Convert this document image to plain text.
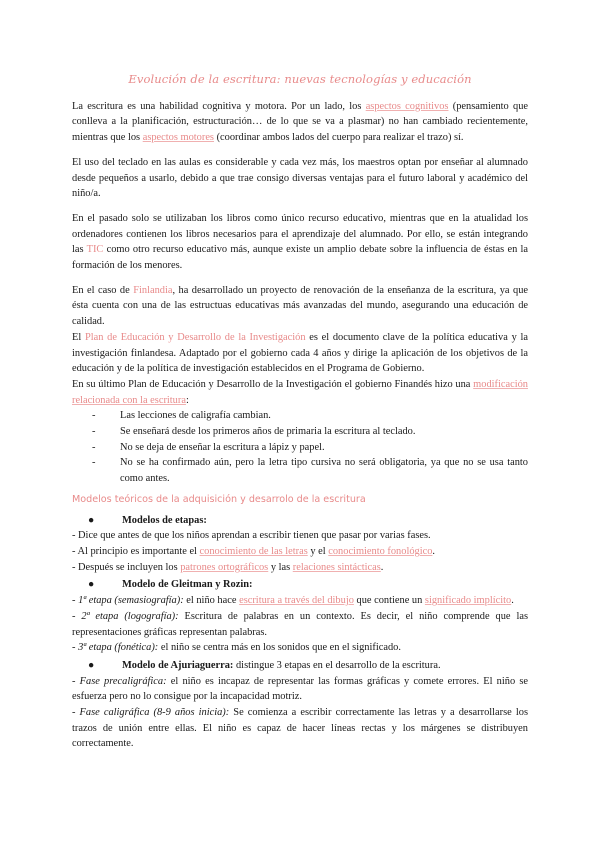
Evolución de la escritura: nuevas tecnologías y educación

La escritura es una habilidad cognitiva y motora. Por un lado, los aspectos cognitivos (pensamiento que conlleva a la planificación, estructuración… de lo que se va a plasmar) no han cambiado recientemente, mientras que los aspectos motores (coordinar ambos lados del cuerpo para realizar el trazo) sí.

El uso del teclado en las aulas es considerable y cada vez más, los maestros optan por enseñar al alumnado desde pequeños a usarlo, debido a que trae consigo diversas ventajas para el futuro laboral y académico del niño/a.

En el pasado solo se utilizaban los libros como único recurso educativo, mientras que en la atualidad los ordenadores contienen los libros necesarios para el aprendizaje del alumnado. Por ello, se están integrando las TIC como otro recurso educativo más, aunque existe un amplio debate sobre la influencia de éstas en la formación de los menores.

En el caso de Finlandia, ha desarrollado un proyecto de renovación de la enseñanza de la escritura, ya que ésta cuenta con una de las estructuas educativas más avanzadas del mundo, asegurando una educación de calidad.

El Plan de Educación y Desarrollo de la Investigación es el documento clave de la política educativa y la investigación finlandesa. Adaptado por el gobierno cada 4 años y dirige la aplicación de los objetivos de la educación y de la política de investigación establecidos en el Programa de Gobierno.

En su último Plan de Educación y Desarrollo de la Investigación el gobierno Finandés hizo una modificación relacionada con la escritura:

- Las lecciones de caligrafía cambian.
- Se enseñará desde los primeros años de primaria la escritura al teclado.
- No se deja de enseñar la escritura a lápiz y papel.
- No se ha confirmado aún, pero la letra tipo cursiva no será obligatoria, ya que no se usa tanto como antes.
Modelos teóricos de la adquisición y desarrolo de la escritura
●	Modelos de etapas:
- Dice que antes de que los niños aprendan a escribir tienen que pasar por varias fases.
- Al principio es importante el conocimiento de las letras y el conocimiento fonológico.
- Después se incluyen los patrones ortográficos y las relaciones sintácticas.
●	Modelo de Gleitman y Rozin:
- 1ª etapa (semasiografía): el niño hace escritura a través del dibujo que contiene un significado implícito.
- 2ª etapa (logografía): Escritura de palabras en un contexto. Es decir, el niño comprende que las representaciones gráficas representan palabras.
- 3ª etapa (fonética): el niño se centra más en los sonidos que en el significado.
●	Modelo de Ajuriaguerra: distingue 3 etapas en el desarrollo de la escritura.
- Fase precaligráfica: el niño es incapaz de representar las formas gráficas y comete errores. El niño se esfuerza pero no lo consigue por la incapacidad motriz.
- Fase caligráfica (8-9 años inicia): Se comienza a escribir correctamente las letras y a desarrollarse los trazos de unión entre ellas. El niño es capaz de hacer líneas rectas y los márgenes se distribuyen correctamente.
